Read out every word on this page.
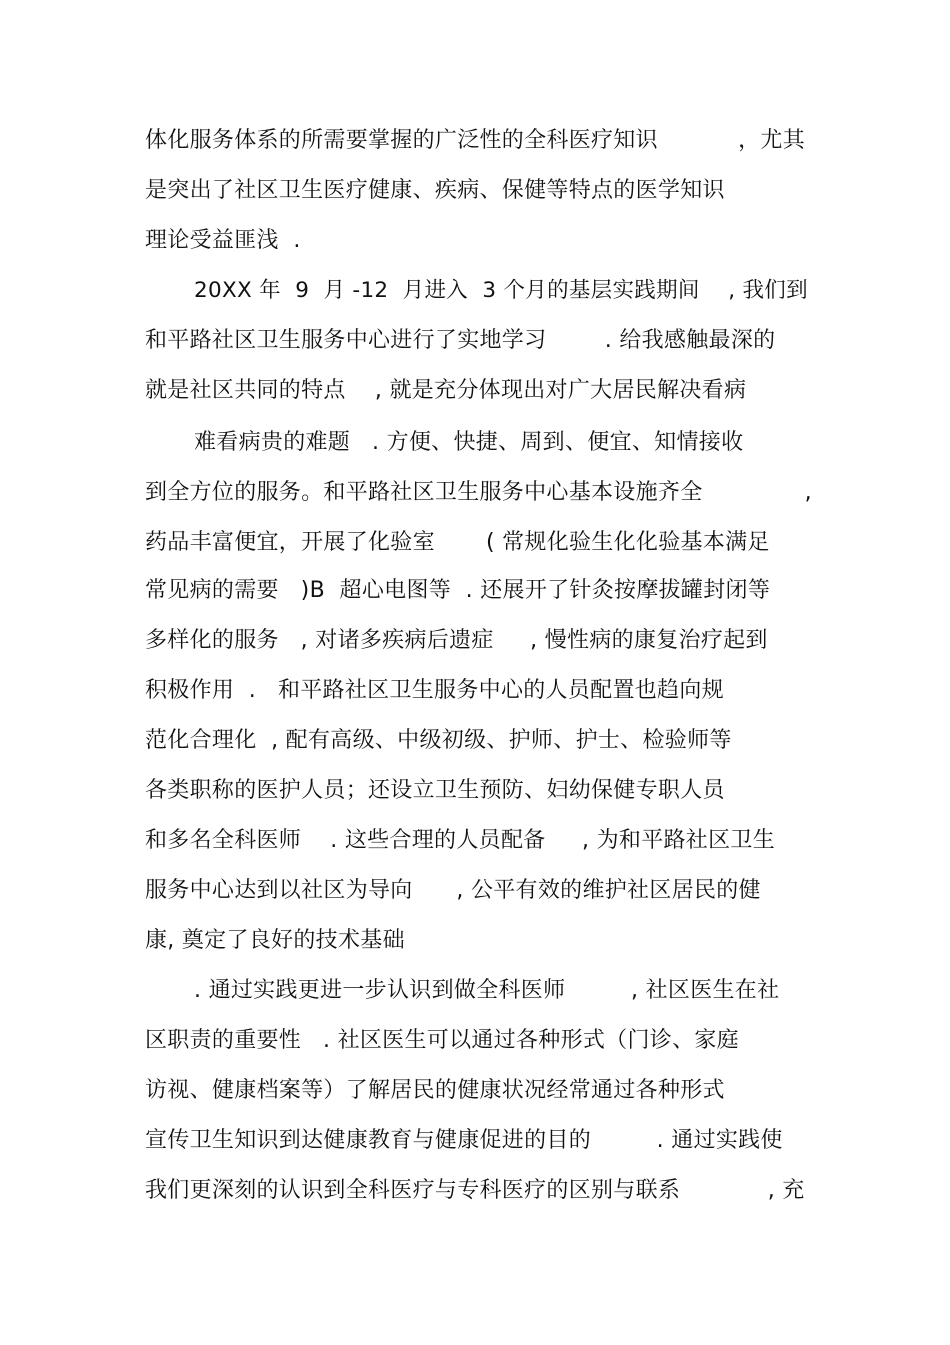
体化服务体系的所需要掌握的广泛性的全科医疗知识           ，尤其
是突出了社区卫生医疗健康、疾病、保健等特点的医学知识
理论受益匪浅  .
20XX 年  9  月 -12  月进入  3 个月的基层实践期间    , 我们到
和平路社区卫生服务中心进行了实地学习        . 给我感触最深的
就是社区共同的特点    , 就是充分体现出对广大居民解决看病
难看病贵的难题   . 方便、快捷、周到、便宜、知情接收
到全方位的服务。和平路社区卫生服务中心基本设施齐全              ,
药品丰富便宜，开展了化验室       ( 常规化验生化化验基本满足
常见病的需要   )B  超心电图等  . 还展开了针灸按摩拔罐封闭等
多样化的服务   , 对诸多疾病后遗症     , 慢性病的康复治疗起到
积极作用  .   和平路社区卫生服务中心的人员配置也趋向规
范化合理化  , 配有高级、中级初级、护师、护士、检验师等
各类职称的医护人员；还设立卫生预防、妇幼保健专职人员
和多名全科医师    . 这些合理的人员配备     , 为和平路社区卫生
服务中心达到以社区为导向      , 公平有效的维护社区居民的健
康, 奠定了良好的技术基础
. 通过实践更进一步认识到做全科医师         , 社区医生在社
区职责的重要性   . 社区医生可以通过各种形式（门诊、家庭
访视、健康档案等）了解居民的健康状况经常通过各种形式
宣传卫生知识到达健康教育与健康促进的目的         . 通过实践使
我们更深刻的认识到全科医疗与专科医疗的区别与联系            , 充
